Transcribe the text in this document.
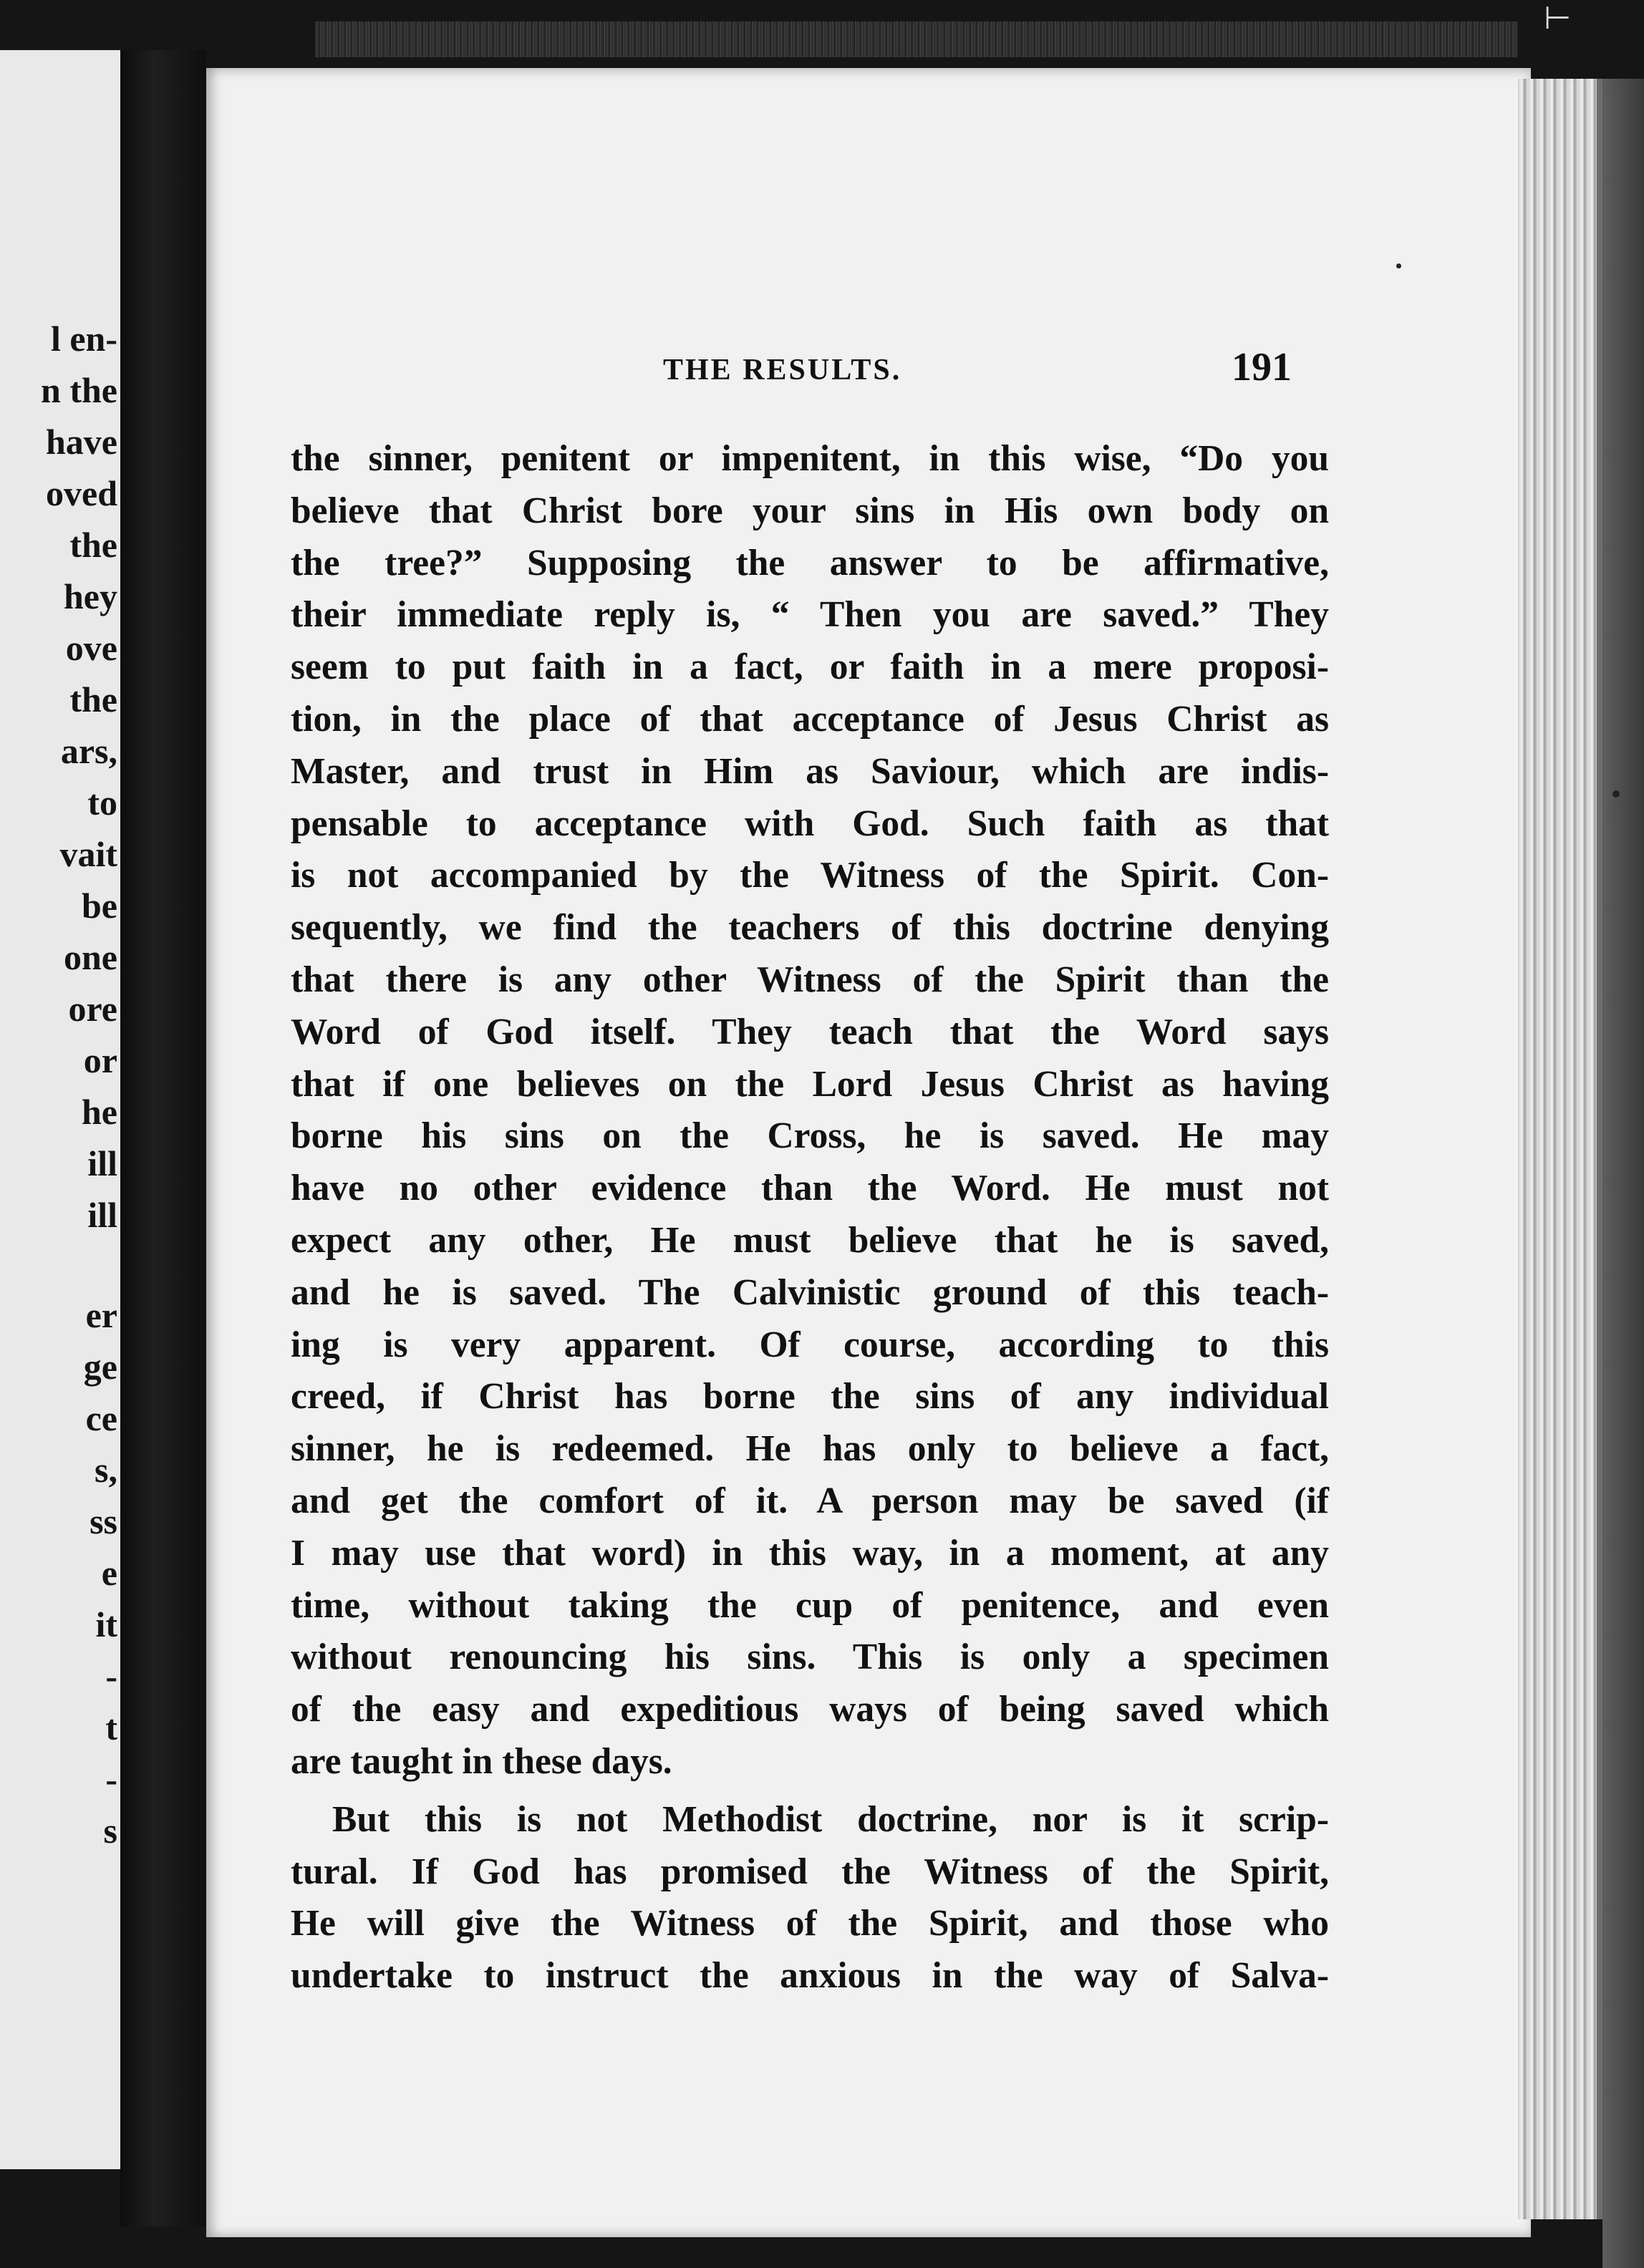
l en-
n the
have
oved
the
hey
ove
the
ars,
to
vait
be
one
ore
or
he
ill
ill
er
ge
ce
s,
ss
e
it
-
t
-
s
THE RESULTS.	191
the sinner, penitent or impenitent, in this wise, “Do you
believe that Christ bore your sins in His own body on
the tree?” Supposing the answer to be affirmative,
their immediate reply is, “ Then you are saved.” They
seem to put faith in a fact, or faith in a mere proposi-
tion, in the place of that acceptance of Jesus Christ as
Master, and trust in Him as Saviour, which are indis-
pensable to acceptance with God. Such faith as that
is not accompanied by the Witness of the Spirit. Con-
sequently, we find the teachers of this doctrine denying
that there is any other Witness of the Spirit than the
Word of God itself. They teach that the Word says
that if one believes on the Lord Jesus Christ as having
borne his sins on the Cross, he is saved. He may
have no other evidence than the Word. He must not
expect any other, He must believe that he is saved,
and he is saved. The Calvinistic ground of this teach-
ing is very apparent. Of course, according to this
creed, if Christ has borne the sins of any individual
sinner, he is redeemed. He has only to believe a fact,
and get the comfort of it. A person may be saved (if
I may use that word) in this way, in a moment, at any
time, without taking the cup of penitence, and even
without renouncing his sins. This is only a specimen
of the easy and expeditious ways of being saved which
are taught in these days.
But this is not Methodist doctrine, nor is it scrip-
tural. If God has promised the Witness of the Spirit,
He will give the Witness of the Spirit, and those who
undertake to instruct the anxious in the way of Salva-
⊢
